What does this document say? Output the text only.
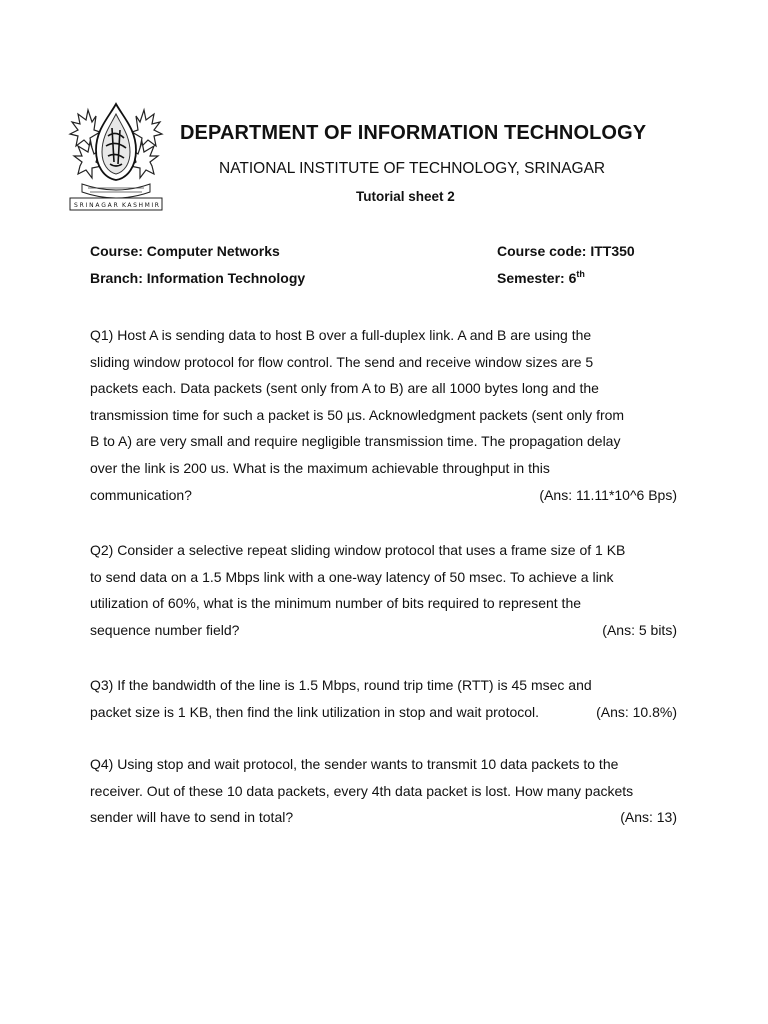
SRINAGAR KASHMIR
DEPARTMENT OF INFORMATION TECHNOLOGY
NATIONAL INSTITUTE OF TECHNOLOGY, SRINAGAR
Tutorial sheet 2
Course: Computer Networks	Course code: ITT350
Branch: Information Technology	Semester: 6th
Q1) Host A is sending data to host B over a full-duplex link. A and B are using the
sliding window protocol for flow control. The send and receive window sizes are 5
packets each. Data packets (sent only from A to B) are all 1000 bytes long and the
transmission time for such a packet is 50 µs. Acknowledgment packets (sent only from
B to A) are very small and require negligible transmission time. The propagation delay
over the link is 200 us. What is the maximum achievable throughput in this
communication?	(Ans: 11.11*10^6 Bps)
Q2) Consider a selective repeat sliding window protocol that uses a frame size of 1 KB
to send data on a 1.5 Mbps link with a one-way latency of 50 msec. To achieve a link
utilization of 60%, what is the minimum number of bits required to represent the
sequence number field?	(Ans: 5 bits)
Q3) If the bandwidth of the line is 1.5 Mbps, round trip time (RTT) is 45 msec and
packet size is 1 KB, then find the link utilization in stop and wait protocol.	(Ans: 10.8%)
Q4) Using stop and wait protocol, the sender wants to transmit 10 data packets to the
receiver. Out of these 10 data packets, every 4th data packet is lost. How many packets
sender will have to send in total?	(Ans: 13)
